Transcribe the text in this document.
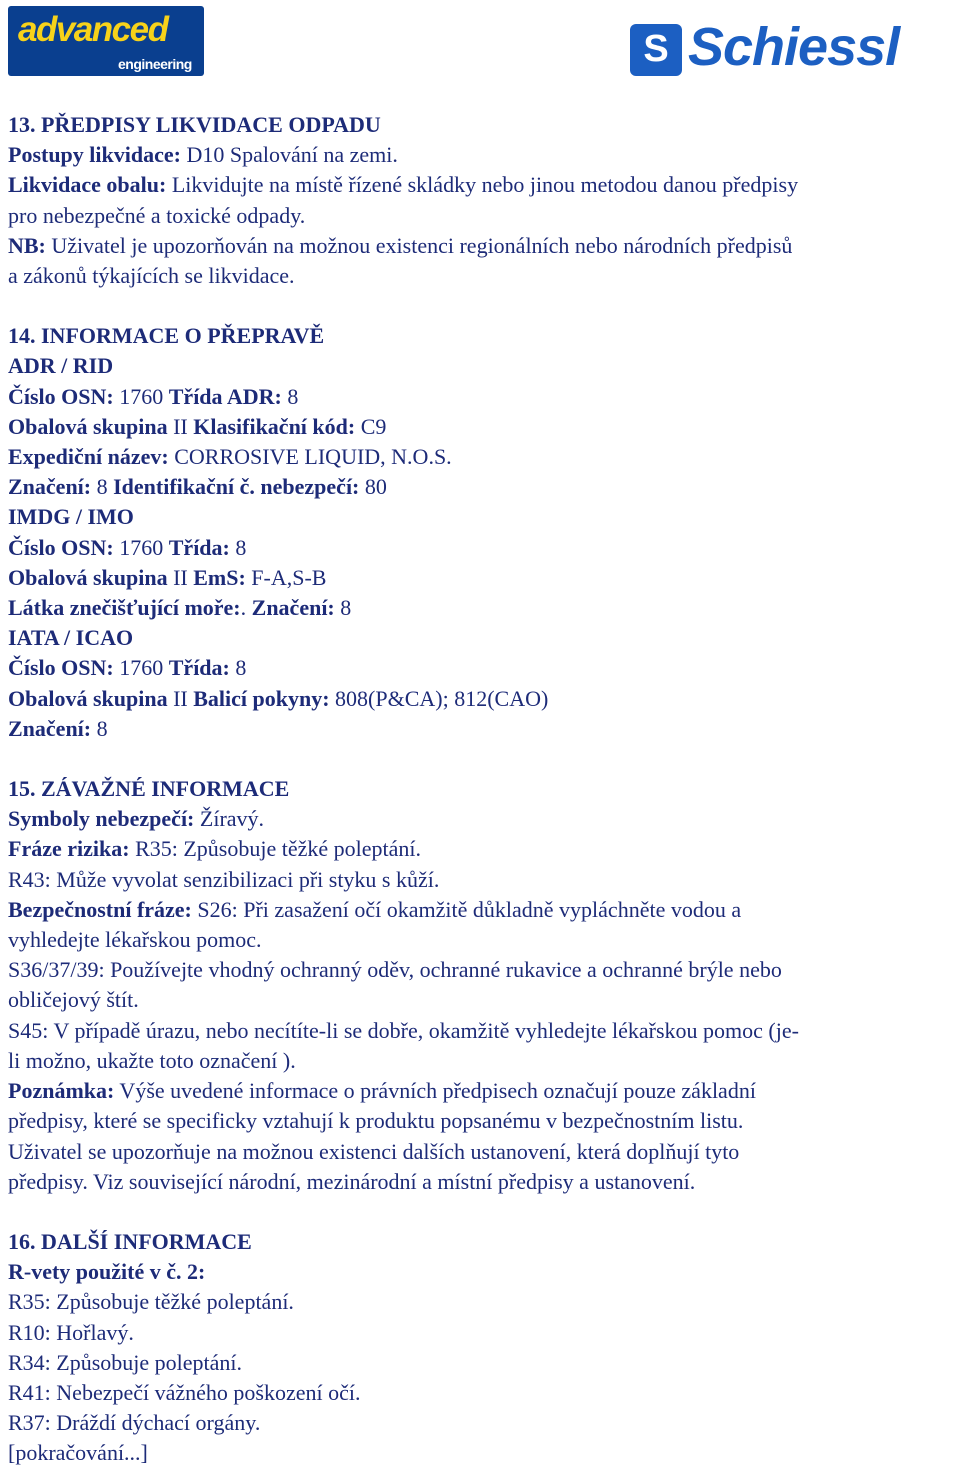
advanced
engineering	S Schiessl

13. PŘEDPISY LIKVIDACE ODPADU

Postupy likvidace: D10 Spalování na zemi.

Likvidace obalu: Likvidujte na místě řízené skládky nebo jinou metodou danou předpisy

pro nebezpečné a toxické odpady.

NB: Uživatel je upozorňován na možnou existenci regionálních nebo národních předpisů

a zákonů týkajících se likvidace.

14. INFORMACE O PŘEPRAVĚ

ADR / RID

Číslo OSN: 1760 Třída ADR: 8

Obalová skupina II Klasifikační kód: C9

Expediční název: CORROSIVE LIQUID, N.O.S.

Značení: 8 Identifikační č. nebezpečí: 80

IMDG / IMO

Číslo OSN: 1760 Třída: 8

Obalová skupina II EmS: F-A,S-B

Látka znečišťující moře:. Značení: 8

IATA / ICAO

Číslo OSN: 1760 Třída: 8

Obalová skupina II Balicí pokyny: 808(P&CA); 812(CAO)

Značení: 8

15. ZÁVAŽNÉ INFORMACE

Symboly nebezpečí: Žíravý.

Fráze rizika: R35: Způsobuje těžké poleptání.

R43: Může vyvolat senzibilizaci při styku s kůží.

Bezpečnostní fráze: S26: Při zasažení očí okamžitě důkladně vypláchněte vodou a

vyhledejte lékařskou pomoc.

S36/37/39: Používejte vhodný ochranný oděv, ochranné rukavice a ochranné brýle nebo

obličejový štít.

S45: V případě úrazu, nebo necítíte-li se dobře, okamžitě vyhledejte lékařskou pomoc (je-

li možno, ukažte toto označení ).

Poznámka: Výše uvedené informace o právních předpisech označují pouze základní

předpisy, které se specificky vztahují k produktu popsanému v bezpečnostním listu.

Uživatel se upozorňuje na možnou existenci dalších ustanovení, která doplňují tyto

předpisy. Viz související národní, mezinárodní a místní předpisy a ustanovení.

16. DALŠÍ INFORMACE

R-vety použité v č. 2:

R35: Způsobuje těžké poleptání.

R10: Hořlavý.

R34: Způsobuje poleptání.

R41: Nebezpečí vážného poškození očí.

R37: Dráždí dýchací orgány.

[pokračování...]
